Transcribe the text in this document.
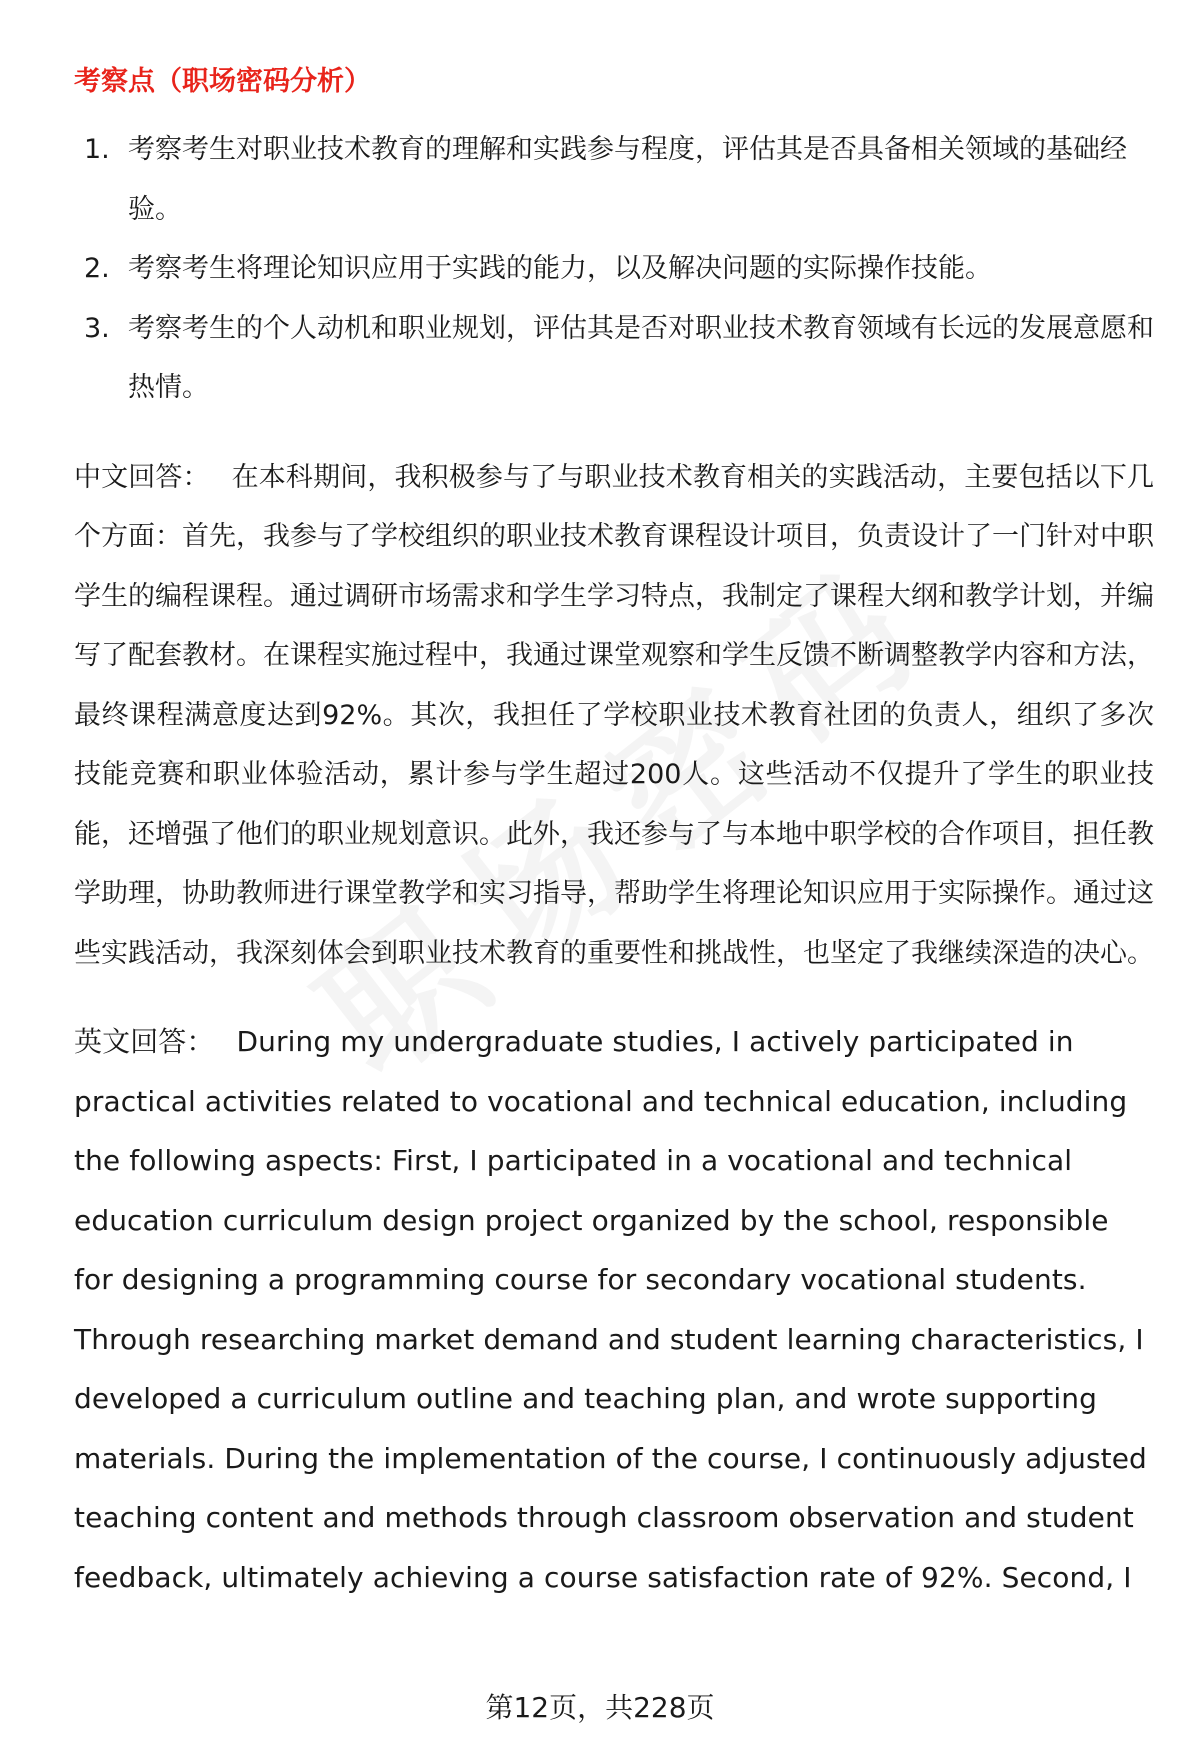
考察点（职场密码分析）
1. 考察考生对职业技术教育的理解和实践参与程度，评估其是否具备相关领域的基础经验。
2. 考察考生将理论知识应用于实践的能力，以及解决问题的实际操作技能。
3. 考察考生的个人动机和职业规划，评估其是否对职业技术教育领域有长远的发展意愿和热情。

中文回答： 在本科期间，我积极参与了与职业技术教育相关的实践活动，主要包括以下几个方面：首先，我参与了学校组织的职业技术教育课程设计项目，负责设计了一门针对中职学生的编程课程。通过调研市场需求和学生学习特点，我制定了课程大纲和教学计划，并编写了配套教材。在课程实施过程中，我通过课堂观察和学生反馈不断调整教学内容和方法，最终课程满意度达到92%。其次，我担任了学校职业技术教育社团的负责人，组织了多次技能竞赛和职业体验活动，累计参与学生超过200人。这些活动不仅提升了学生的职业技能，还增强了他们的职业规划意识。此外，我还参与了与本地中职学校的合作项目，担任教学助理，协助教师进行课堂教学和实习指导，帮助学生将理论知识应用于实际操作。通过这些实践活动，我深刻体会到职业技术教育的重要性和挑战性，也坚定了我继续深造的决心。

英文回答： During my undergraduate studies, I actively participated in practical activities related to vocational and technical education, including the following aspects: First, I participated in a vocational and technical education curriculum design project organized by the school, responsible for designing a programming course for secondary vocational students. Through researching market demand and student learning characteristics, I developed a curriculum outline and teaching plan, and wrote supporting materials. During the implementation of the course, I continuously adjusted teaching content and methods through classroom observation and student feedback, ultimately achieving a course satisfaction rate of 92%. Second, I

第12页，共228页
